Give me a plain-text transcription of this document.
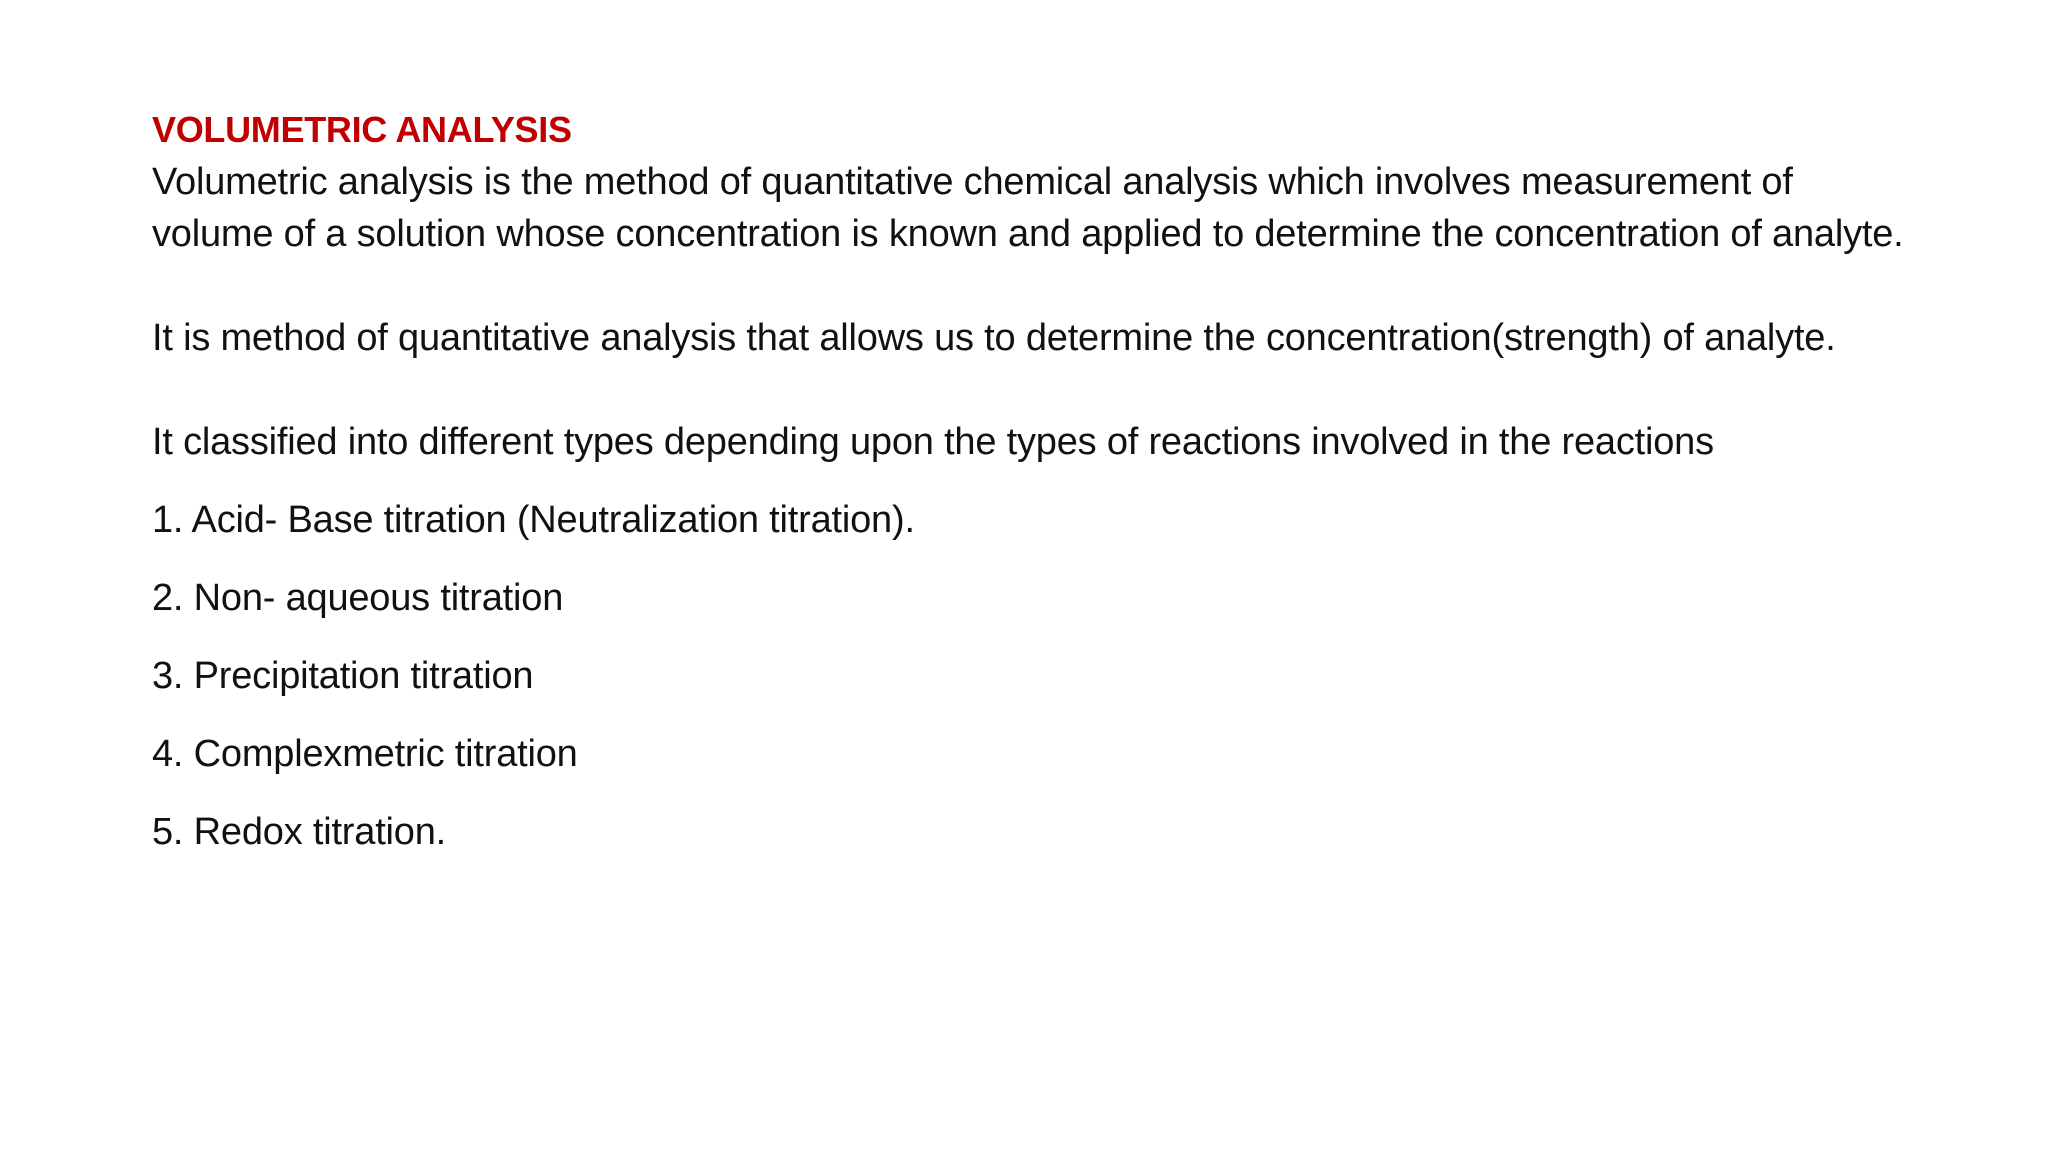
VOLUMETRIC ANALYSIS

Volumetric analysis is the method of quantitative chemical analysis which involves measurement of volume of a solution whose concentration is known and applied to determine the concentration of analyte.

It is method of quantitative analysis that allows us to determine the concentration(strength) of analyte.

It classified into different types depending upon the types of reactions involved in the reactions

1. Acid- Base titration (Neutralization titration).
2. Non- aqueous titration
3. Precipitation titration
4. Complexmetric titration
5. Redox titration.
